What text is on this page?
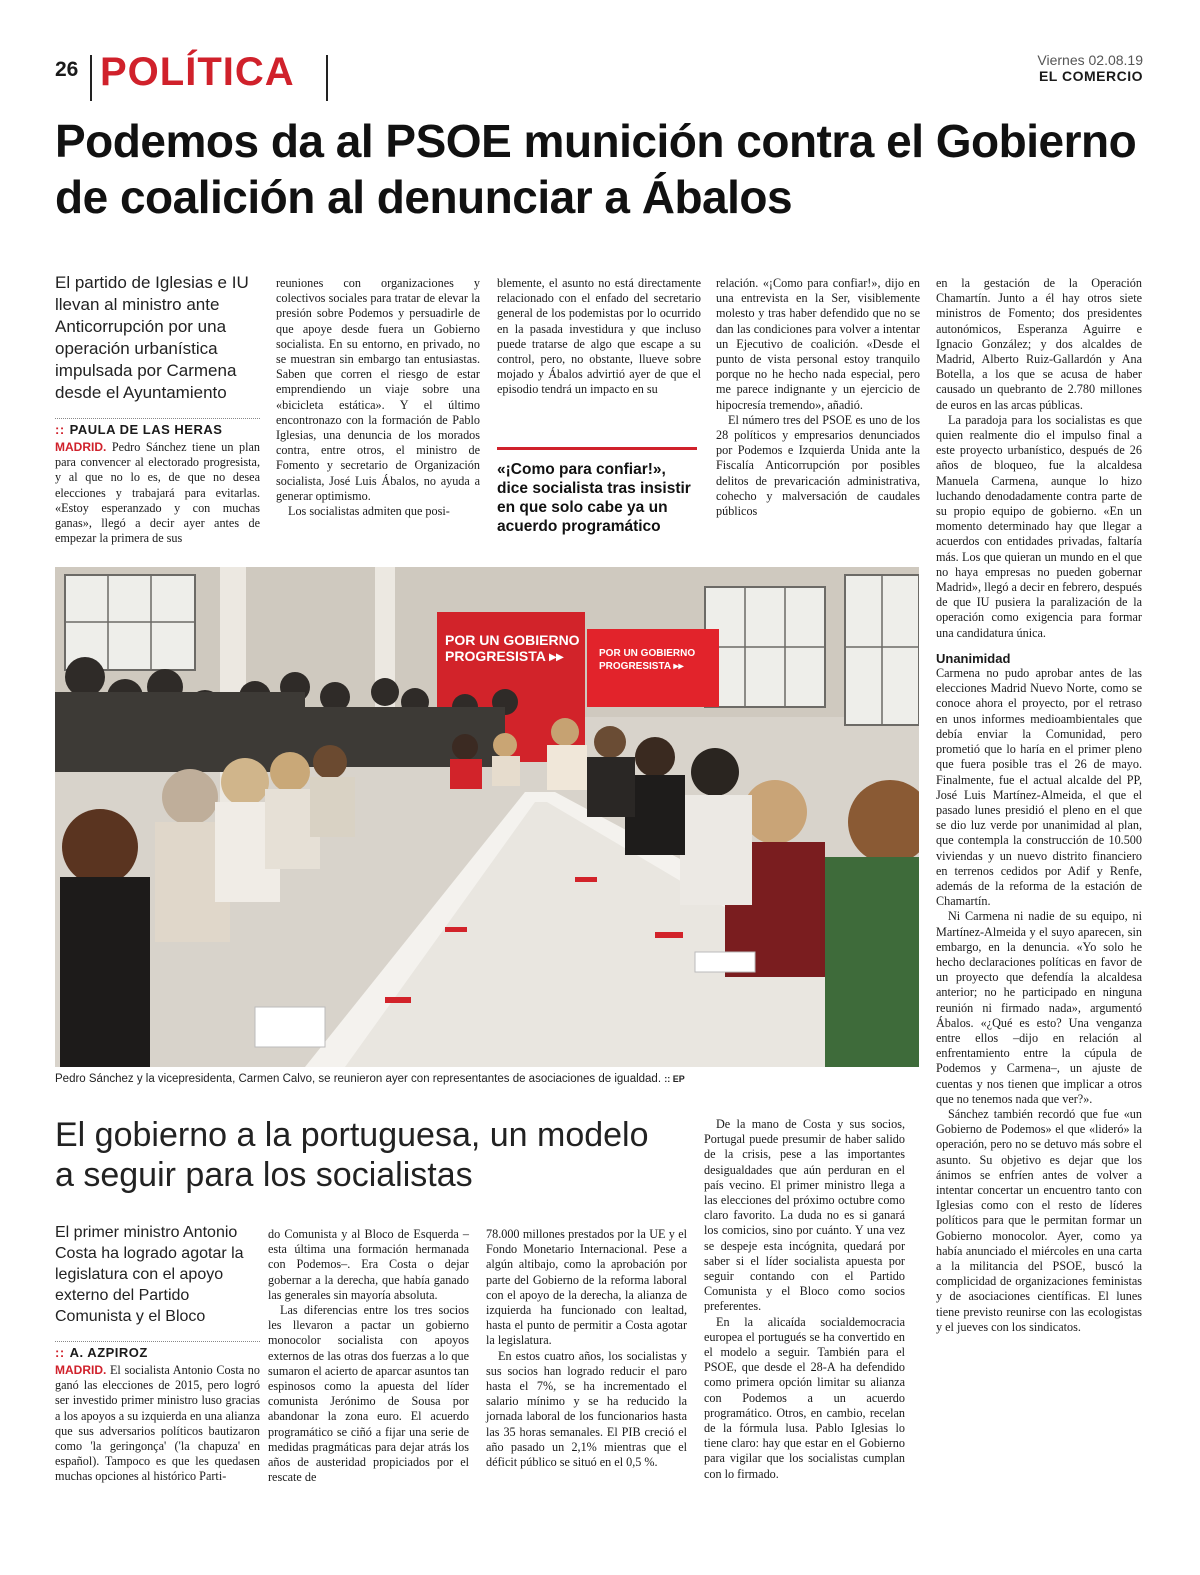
26 POLÍTICA	Viernes 02.08.19
EL COMERCIO
Podemos da al PSOE munición contra el Gobierno de coalición al denunciar a Ábalos
El partido de Iglesias e IU llevan al ministro ante Anticorrupción por una operación urbanística impulsada por Carmena desde el Ayuntamiento
:: PAULA DE LAS HERAS

MADRID. Pedro Sánchez tiene un plan para convencer al electorado progresista, y al que no lo es, de que no desea elecciones y trabajará para evitarlas. «Estoy esperanzado y con muchas ganas», llegó a decir ayer antes de empezar la primera de sus

reuniones con organizaciones y colectivos sociales para tratar de elevar la presión sobre Podemos y persuadirle de que apoye desde fuera un Gobierno socialista. En su entorno, en privado, no se muestran sin embargo tan entusiastas. Saben que corren el riesgo de estar emprendiendo un viaje sobre una «bicicleta estática». Y el último encontronazo con la formación de Pablo Iglesias, una denuncia de los morados contra, entre otros, el ministro de Fomento y secretario de Organización socialista, José Luis Ábalos, no ayuda a generar optimismo.

Los socialistas admiten que posi-

blemente, el asunto no está directamente relacionado con el enfado del secretario general de los podemistas por lo ocurrido en la pasada investidura y que incluso puede tratarse de algo que escape a su control, pero, no obstante, llueve sobre mojado y Ábalos advirtió ayer de que el episodio tendrá un impacto en su

«¡Como para confiar!», dice socialista tras insistir en que solo cabe ya un acuerdo programático

relación. «¡Como para confiar!», dijo en una entrevista en la Ser, visiblemente molesto y tras haber defendido que no se dan las condiciones para volver a intentar un Ejecutivo de coalición. «Desde el punto de vista personal estoy tranquilo porque no he hecho nada especial, pero me parece indignante y un ejercicio de hipocresía tremendo», añadió.

El número tres del PSOE es uno de los 28 políticos y empresarios denunciados por Podemos e Izquierda Unida ante la Fiscalía Anticorrupción por posibles delitos de prevaricación administrativa, cohecho y malversación de caudales públicos

en la gestación de la Operación Chamartín. Junto a él hay otros siete ministros de Fomento; dos presidentes autonómicos, Esperanza Aguirre e Ignacio González; y dos alcaldes de Madrid, Alberto Ruiz-Gallardón y Ana Botella, a los que se acusa de haber causado un quebranto de 2.780 millones de euros en las arcas públicas.

La paradoja para los socialistas es que quien realmente dio el impulso final a este proyecto urbanístico, después de 26 años de bloqueo, fue la alcaldesa Manuela Carmena, aunque lo hizo luchando denodadamente contra parte de su propio equipo de gobierno. «En un momento determinado hay que llegar a acuerdos con entidades privadas, faltaría más. Los que quieran un mundo en el que no haya empresas no pueden gobernar Madrid», llegó a decir en febrero, después de que IU pusiera la paralización de la operación como exigencia para formar una candidatura única.

Unanimidad

Carmena no pudo aprobar antes de las elecciones Madrid Nuevo Norte, como se conoce ahora el proyecto, por el retraso en unos informes medioambientales que debía enviar la Comunidad, pero prometió que lo haría en el primer pleno que fuera posible tras el 26 de mayo. Finalmente, fue el actual alcalde del PP, José Luis Martínez-Almeida, el que el pasado lunes presidió el pleno en el que se dio luz verde por unanimidad al plan, que contempla la construcción de 10.500 viviendas y un nuevo distrito financiero en terrenos cedidos por Adif y Renfe, además de la reforma de la estación de Chamartín.

Ni Carmena ni nadie de su equipo, ni Martínez-Almeida y el suyo aparecen, sin embargo, en la denuncia. «Yo solo he hecho declaraciones políticas en favor de un proyecto que defendía la alcaldesa anterior; no he participado en ninguna reunión ni firmado nada», argumentó Ábalos. «¿Qué es esto? Una venganza entre ellos –dijo en relación al enfrentamiento entre la cúpula de Podemos y Carmena–, un ajuste de cuentas y nos tienen que implicar a otros que no tenemos nada que ver?».

Sánchez también recordó que fue «un Gobierno de Podemos» el que «lideró» la operación, pero no se detuvo más sobre el asunto. Su objetivo es dejar que los ánimos se enfríen antes de volver a intentar concertar un encuentro tanto con Iglesias como con el resto de líderes políticos para que le permitan formar un Gobierno monocolor. Ayer, como ya había anunciado el miércoles en una carta a la militancia del PSOE, buscó la complicidad de organizaciones feministas y de asociaciones científicas. El lunes tiene previsto reunirse con las ecologistas y el jueves con los sindicatos.

POR UN GOBIERNO PROGRESISTA ▸▸	POR UN GOBIERNO PROGRESISTA ▸▸
Pedro Sánchez y la vicepresidenta, Carmen Calvo, se reunieron ayer con representantes de asociaciones de igualdad. :: EP
El gobierno a la portuguesa, un modelo a seguir para los socialistas
El primer ministro Antonio Costa ha logrado agotar la legislatura con el apoyo externo del Partido Comunista y el Bloco
:: A. AZPIROZ

MADRID. El socialista Antonio Costa no ganó las elecciones de 2015, pero logró ser investido primer ministro luso gracias a los apoyos a su izquierda en una alianza que sus adversarios políticos bautizaron como 'la geringonça' ('la chapuza' en español). Tampoco es que les quedasen muchas opciones al histórico Parti-

do Comunista y al Bloco de Esquerda –esta última una formación hermanada con Podemos–. Era Costa o dejar gobernar a la derecha, que había ganado las generales sin mayoría absoluta.

Las diferencias entre los tres socios les llevaron a pactar un gobierno monocolor socialista con apoyos externos de las otras dos fuerzas a lo que sumaron el acierto de aparcar asuntos tan espinosos como la apuesta del líder comunista Jerónimo de Sousa por abandonar la zona euro. El acuerdo programático se ciñó a fijar una serie de medidas pragmáticas para dejar atrás los años de austeridad propiciados por el rescate de

78.000 millones prestados por la UE y el Fondo Monetario Internacional. Pese a algún altibajo, como la aprobación por parte del Gobierno de la reforma laboral con el apoyo de la derecha, la alianza de izquierda ha funcionado con lealtad, hasta el punto de permitir a Costa agotar la legislatura.

En estos cuatro años, los socialistas y sus socios han logrado reducir el paro hasta el 7%, se ha incrementado el salario mínimo y se ha reducido la jornada laboral de los funcionarios hasta las 35 horas semanales. El PIB creció el año pasado un 2,1% mientras que el déficit público se situó en el 0,5 %.

De la mano de Costa y sus socios, Portugal puede presumir de haber salido de la crisis, pese a las importantes desigualdades que aún perduran en el país vecino. El primer ministro llega a las elecciones del próximo octubre como claro favorito. La duda no es si ganará los comicios, sino por cuánto. Y una vez se despeje esta incógnita, quedará por saber si el líder socialista apuesta por seguir contando con el Partido Comunista y el Bloco como socios preferentes.

En la alicaída socialdemocracia europea el portugués se ha convertido en el modelo a seguir. También para el PSOE, que desde el 28-A ha defendido como primera opción limitar su alianza con Podemos a un acuerdo programático. Otros, en cambio, recelan de la fórmula lusa. Pablo Iglesias lo tiene claro: hay que estar en el Gobierno para vigilar que los socialistas cumplan con lo firmado.
